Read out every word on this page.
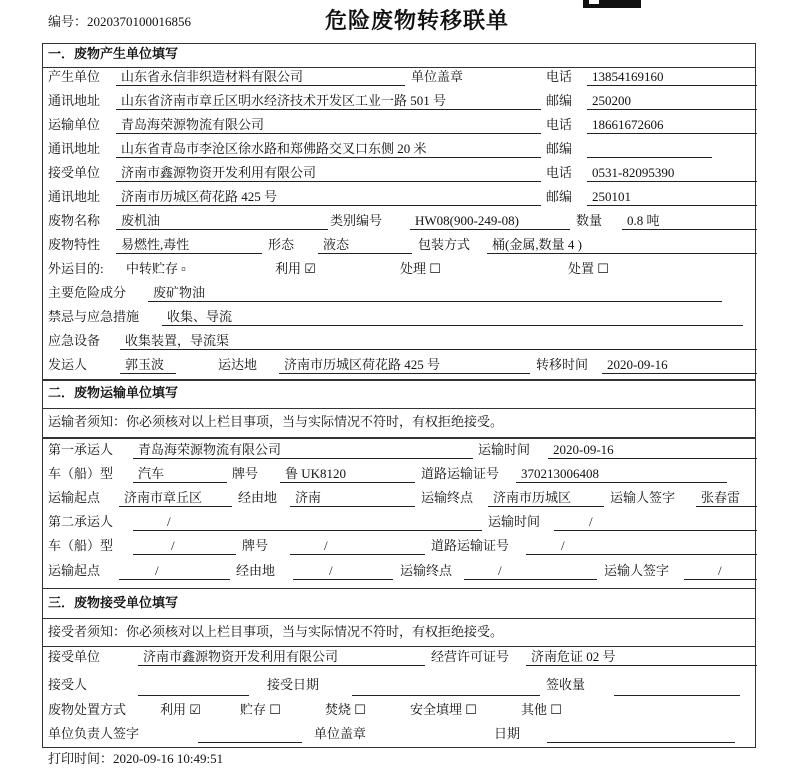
编号：2020370100016856	危险废物转移联单
一．废物产生单位填写
产生单位	山东省永信非织造材料有限公司	单位盖章	电话	13854169160
通讯地址	山东省济南市章丘区明水经济技术开发区工业一路 501 号	邮编	250200
运输单位	青岛海荣源物流有限公司	电话	18661672606
通讯地址	山东省青岛市李沧区徐水路和郑佛路交叉口东侧 20 米	邮编
接受单位	济南市鑫源物资开发利用有限公司	电话	0531-82095390
通讯地址	济南市历城区荷花路 425 号	邮编	250101
废物名称	废机油	类别编号	HW08(900-249-08)	数量	0.8 吨
废物特性	易燃性,毒性	形态	液态	包装方式	桶(金属,数量 4 )
外运目的: 中转贮存 ▫	利用 ☑	处理 ☐	处置 ☐
主要危险成分	废矿物油
禁忌与应急措施	收集、导流
应急设备	收集装置，导流渠
发运人	郭玉波	运达地	济南市历城区荷花路 425 号	转移时间	2020-09-16
二．废物运输单位填写
运输者须知：你必须核对以上栏目事项，当与实际情况不符时，有权拒绝接受。
第一承运人	青岛海荣源物流有限公司	运输时间	2020-09-16
车（船）型	汽车	牌号	鲁 UK8120	道路运输证号	370213006408
运输起点	济南市章丘区	经由地	济南	运输终点	济南市历城区	运输人签字	张春雷
第二承运人	/	运输时间	/
车（船）型	/	牌号	/	道路运输证号	/
运输起点	/	经由地	/	运输终点	/	运输人签字	/
三．废物接受单位填写
接受者须知：你必须核对以上栏目事项，当与实际情况不符时，有权拒绝接受。
接受单位	济南市鑫源物资开发利用有限公司	经营许可证号	济南危证 02 号
接受人	接受日期	签收量
废物处置方式	利用 ☑	贮存 ☐	焚烧 ☐	安全填埋 ☐	其他 ☐
单位负责人签字	单位盖章	日期
打印时间：2020-09-16 10:49:51
